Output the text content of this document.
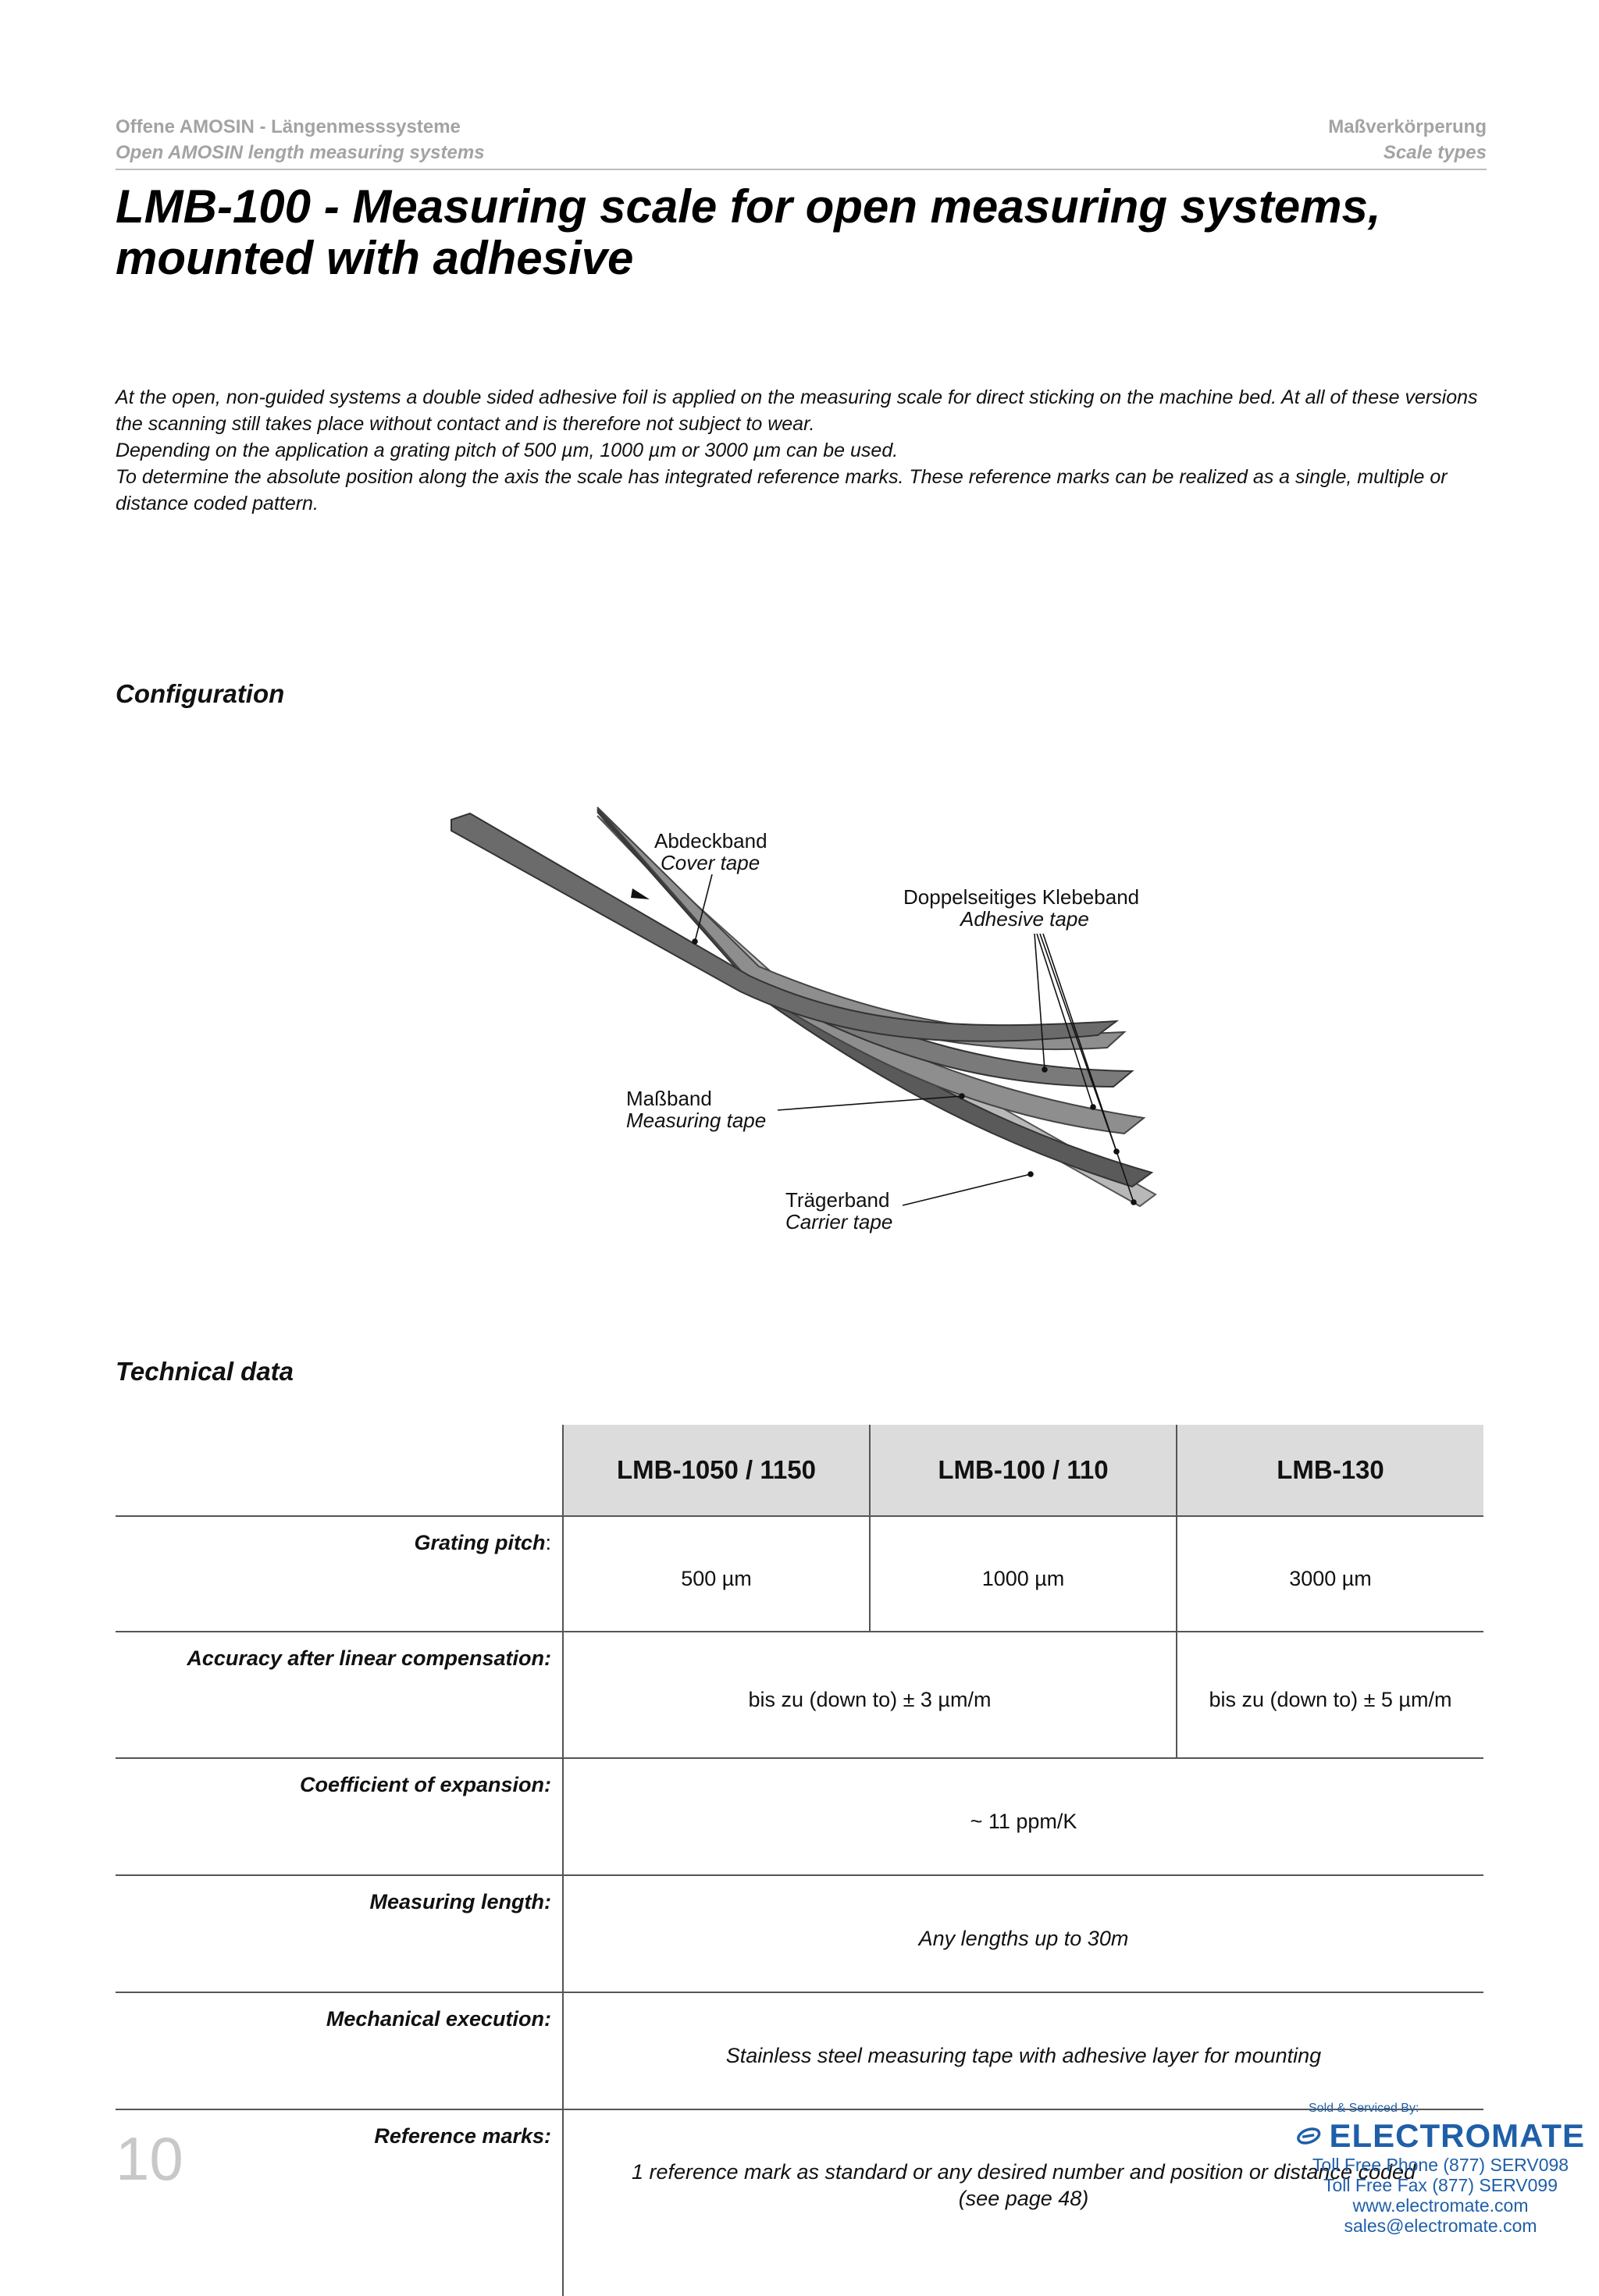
Offene AMOSIN - Längenmesssysteme
Open AMOSIN length measuring systems
Maßverkörperung
Scale types
LMB-100 - Measuring scale for open measuring systems,
mounted with adhesive
At the open, non-guided systems a double sided adhesive foil is applied on the measuring scale for direct sticking on the machine bed. At all of these versions the scanning still takes place without contact and is therefore not subject to wear.
Depending on the application a grating pitch of 500 µm, 1000 µm or 3000 µm can be used.
To determine the absolute position along the axis the scale has integrated reference marks. These reference marks can be realized as a single, multiple or distance coded pattern.
Configuration
Abdeckband
Cover tape
Doppelseitiges Klebeband
Adhesive tape
Maßband
Measuring tape
Trägerband
Carrier tape
Technical data
	LMB-1050 / 1150	LMB-100 / 110	LMB-130
Grating pitch:	500 µm	1000 µm	3000 µm
Accuracy after linear compensation:	bis zu (down to) ± 3 µm/m		bis zu (down to) ± 5 µm/m
Coefficient of expansion:	~ 11 ppm/K		
Measuring length:	Any lengths up to 30m		
Mechanical execution:	Stainless steel measuring tape with adhesive layer for mounting		
Reference marks:	1 reference mark as standard or any desired number and position or distance coded
(see page 48)		
10
Sold & Serviced By:
ELECTROMATE
Toll Free Phone (877) SERV098
Toll Free Fax (877) SERV099
www.electromate.com
sales@electromate.com
